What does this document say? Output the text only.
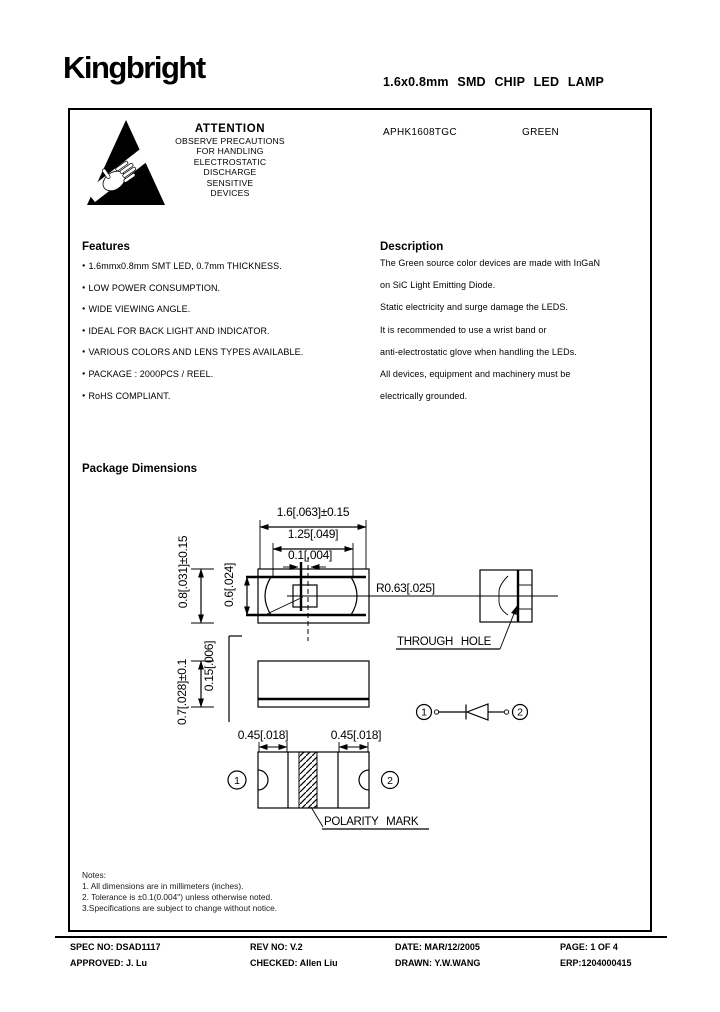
Kingbright	1.6x0.8mm SMD CHIP LED LAMP
ATTENTION
OBSERVE PRECAUTIONS
FOR HANDLING
ELECTROSTATIC
DISCHARGE
SENSITIVE
DEVICES
APHK1608TGC	GREEN
Features
● 1.6mmx0.8mm SMT LED, 0.7mm THICKNESS.
● LOW POWER CONSUMPTION.
● WIDE VIEWING ANGLE.
● IDEAL FOR BACK LIGHT AND INDICATOR.
● VARIOUS COLORS AND LENS TYPES AVAILABLE.
● PACKAGE : 2000PCS / REEL.
● RoHS COMPLIANT.
Description
The Green source color devices are made with InGaN
on SiC Light Emitting Diode.
Static electricity and surge damage the LEDS.
It is recommended to use a wrist band or
anti-electrostatic glove when handling the LEDs.
All devices, equipment and machinery must be
electrically grounded.
Package Dimensions
1.6[.063]±0.15
1.25[.049]
0.1[.004]
R0.63[.025]
0.8[.031]±0.15	0.6[.024]
THROUGH HOLE
0.7[.028]±0.1 0.15[.006]
0.45[.018]	0.45[.018]
1	2
POLARITY MARK
1	2
Notes:
1. All dimensions are in millimeters (inches).
2. Tolerance is ±0.1(0.004") unless otherwise noted.
3.Specifications are subject to change without notice.
SPEC NO: DSAD1117	REV NO: V.2	DATE: MAR/12/2005	PAGE: 1 OF 4
APPROVED: J. Lu	CHECKED: Allen Liu	DRAWN: Y.W.WANG	ERP:1204000415
